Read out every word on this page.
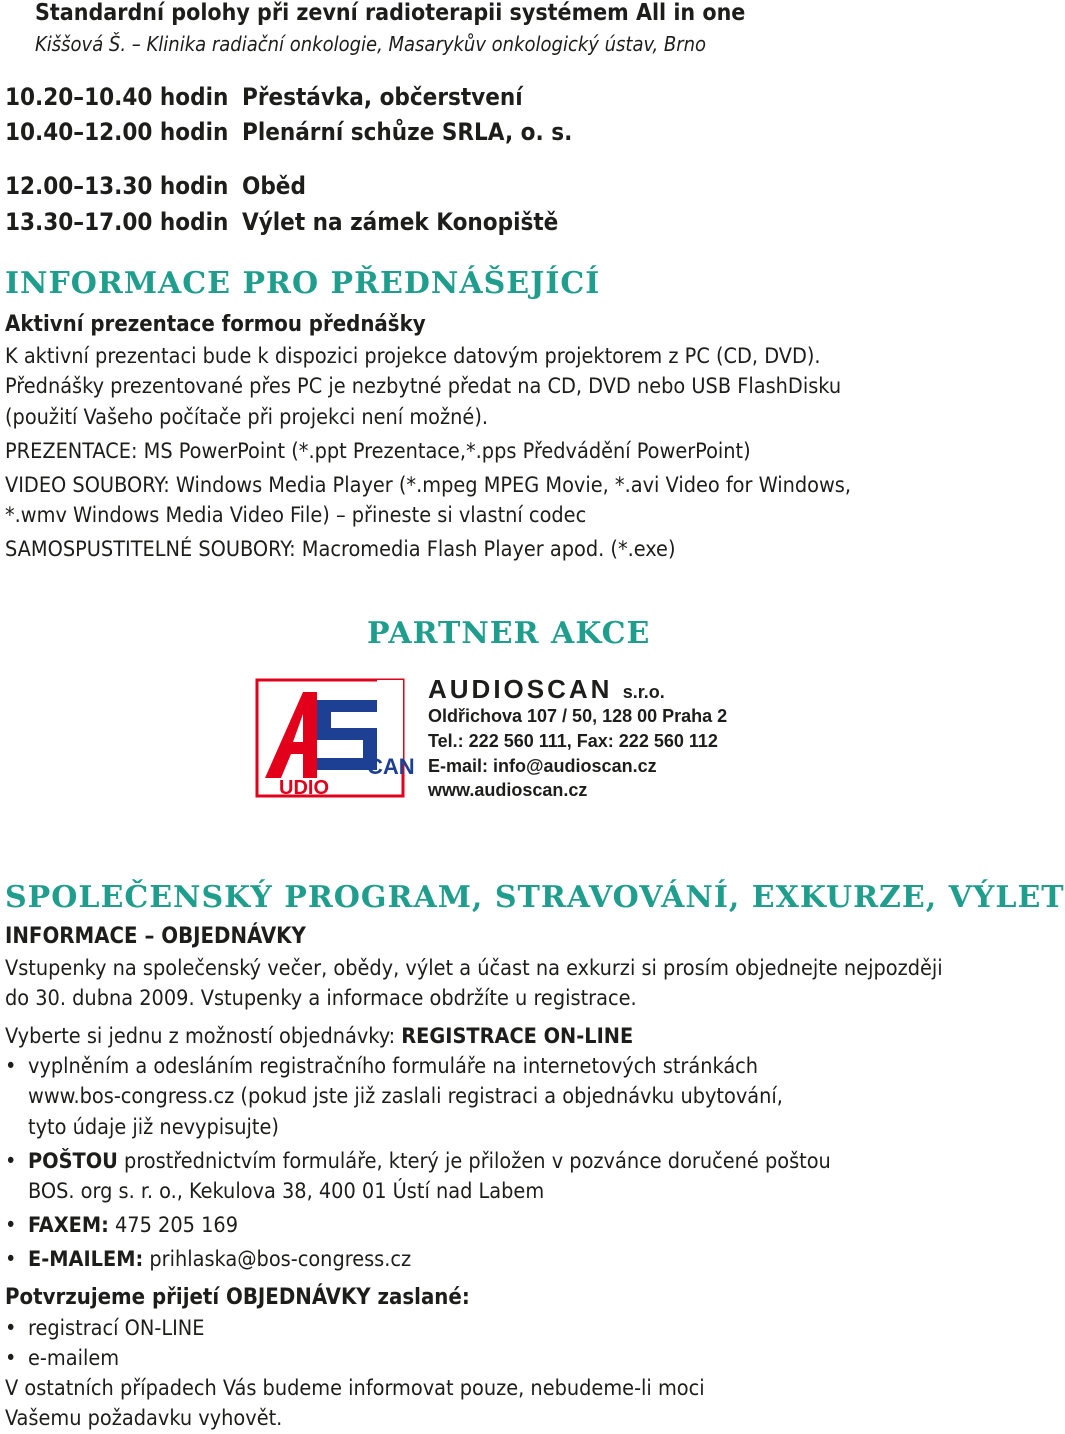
Standardní polohy při zevní radioterapii systémem All in one
Kiššová Š. – Klinika radiační onkologie, Masarykův onkologický ústav, Brno
10.20–10.40 hodin Přestávka, občerstvení
10.40–12.00 hodin Plenární schůze SRLA, o. s.
12.00–13.30 hodin Oběd
13.30–17.00 hodin Výlet na zámek Konopiště
INFORMACE PRO PŘEDNÁŠEJÍCÍ
Aktivní prezentace formou přednášky
K aktivní prezentaci bude k dispozici projekce datovým projektorem z PC (CD, DVD).
Přednášky prezentované přes PC je nezbytné předat na CD, DVD nebo USB FlashDisku
(použití Vašeho počítače při projekci není možné).
PREZENTACE: MS PowerPoint (*.ppt Prezentace,*.pps Předvádění PowerPoint)
VIDEO SOUBORY: Windows Media Player (*.mpeg MPEG Movie, *.avi Video for Windows,
*.wmv Windows Media Video File) – přineste si vlastní codec
SAMOSPUSTITELNÉ SOUBORY: Macromedia Flash Player apod. (*.exe)
PARTNER AKCE
UDIO
CAN
AUDIOSCAN s.r.o.
Oldřichova 107 / 50, 128 00 Praha 2
Tel.: 222 560 111, Fax: 222 560 112
E-mail: info@audioscan.cz
www.audioscan.cz
SPOLEČENSKÝ PROGRAM, STRAVOVÁNÍ, EXKURZE, VÝLET
INFORMACE – OBJEDNÁVKY
Vstupenky na společenský večer, obědy, výlet a účast na exkurzi si prosím objednejte nejpozději
do 30. dubna 2009. Vstupenky a informace obdržíte u registrace.
Vyberte si jednu z možností objednávky: REGISTRACE ON-LINE
• vyplněním a odesláním registračního formuláře na internetových stránkách
www.bos-congress.cz (pokud jste již zaslali registraci a objednávku ubytování,
tyto údaje již nevypisujte)
• POŠTOU prostřednictvím formuláře, který je přiložen v pozvánce doručené poštou
BOS. org s. r. o., Kekulova 38, 400 01 Ústí nad Labem
• FAXEM: 475 205 169
• E-MAILEM: prihlaska@bos-congress.cz
Potvrzujeme přijetí OBJEDNÁVKY zaslané:
• registrací ON-LINE
• e-mailem
V ostatních případech Vás budeme informovat pouze, nebudeme-li moci
Vašemu požadavku vyhovět.
